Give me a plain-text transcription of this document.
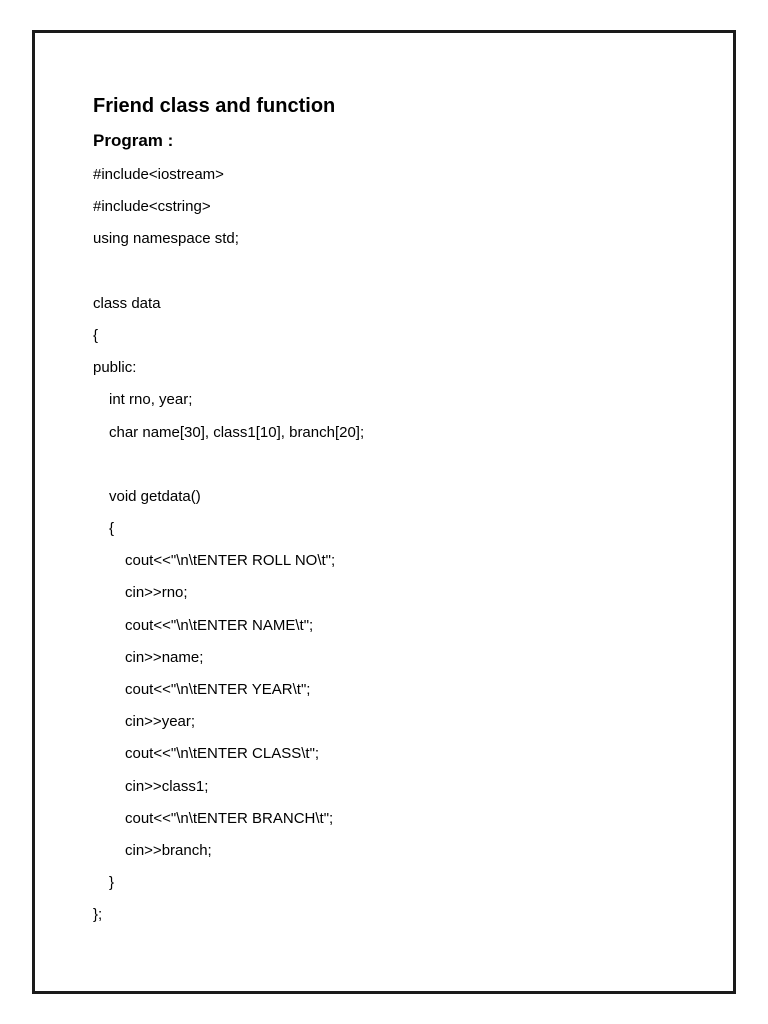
Friend class and function
Program :
#include<iostream>
#include<cstring>
using namespace std;
class data
{
public:
int rno, year;
char name[30], class1[10], branch[20];
void getdata()
{
cout<<"\n\tENTER ROLL NO\t";
cin>>rno;
cout<<"\n\tENTER NAME\t";
cin>>name;
cout<<"\n\tENTER YEAR\t";
cin>>year;
cout<<"\n\tENTER CLASS\t";
cin>>class1;
cout<<"\n\tENTER BRANCH\t";
cin>>branch;
}
};
